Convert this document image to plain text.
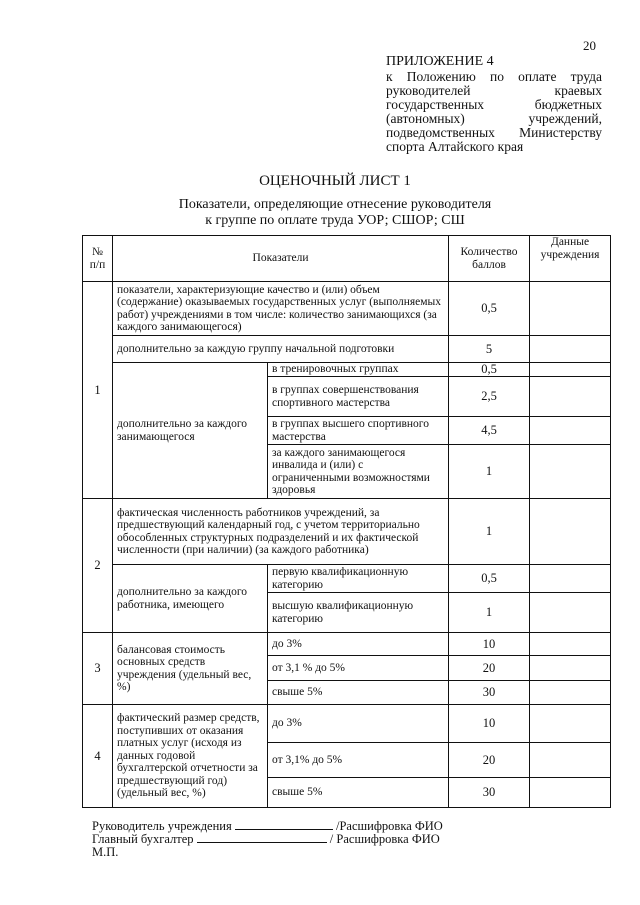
20
ПРИЛОЖЕНИЕ 4
к Положению по оплате труда руководителей краевых государственных бюджетных (автономных) учреждений, подведомственных Министерству спорта Алтайского края
ОЦЕНОЧНЫЙ ЛИСТ 1
Показатели, определяющие отнесение руководителя
к группе по оплате труда УОР; СШОР; СШ
№ п/п	Показатели		Количество баллов	Данные учреждения
1	показатели, характеризующие качество и (или) объем (содержание) оказываемых государственных услуг (выполняемых работ) учреждениями в том числе: количество занимающихся (за каждого занимающегося)		0,5	
	дополнительно за каждую группу начальной подготовки		5	
	дополнительно за каждого занимающегося	в тренировочных группах	0,5	
		в группах совершенствования спортивного мастерства	2,5	
		в группах высшего спортивного мастерства	4,5	
		за каждого занимающегося инвалида и (или) с ограниченными возможностями здоровья	1	
2	фактическая численность работников учреждений, за предшествующий календарный год, с учетом территориально обособленных структурных подразделений и их фактической численности (при наличии) (за каждого работника)		1	
	дополнительно за каждого работника, имеющего	первую квалификационную категорию	0,5	
		высшую квалификационную категорию	1	
3	балансовая стоимость основных средств учреждения (удельный вес, %)	до 3%	10	
		от 3,1 % до 5%	20	
		свыше 5%	30	
4	фактический размер средств, поступивших от оказания платных услуг (исходя из данных годовой бухгалтерской отчетности за предшествующий год) (удельный вес, %)	до 3%	10	
		от 3,1% до 5%	20	
		свыше 5%	30	
Руководитель учреждения	/Расшифровка ФИО
Главный бухгалтер	/ Расшифровка ФИО
М.П.
